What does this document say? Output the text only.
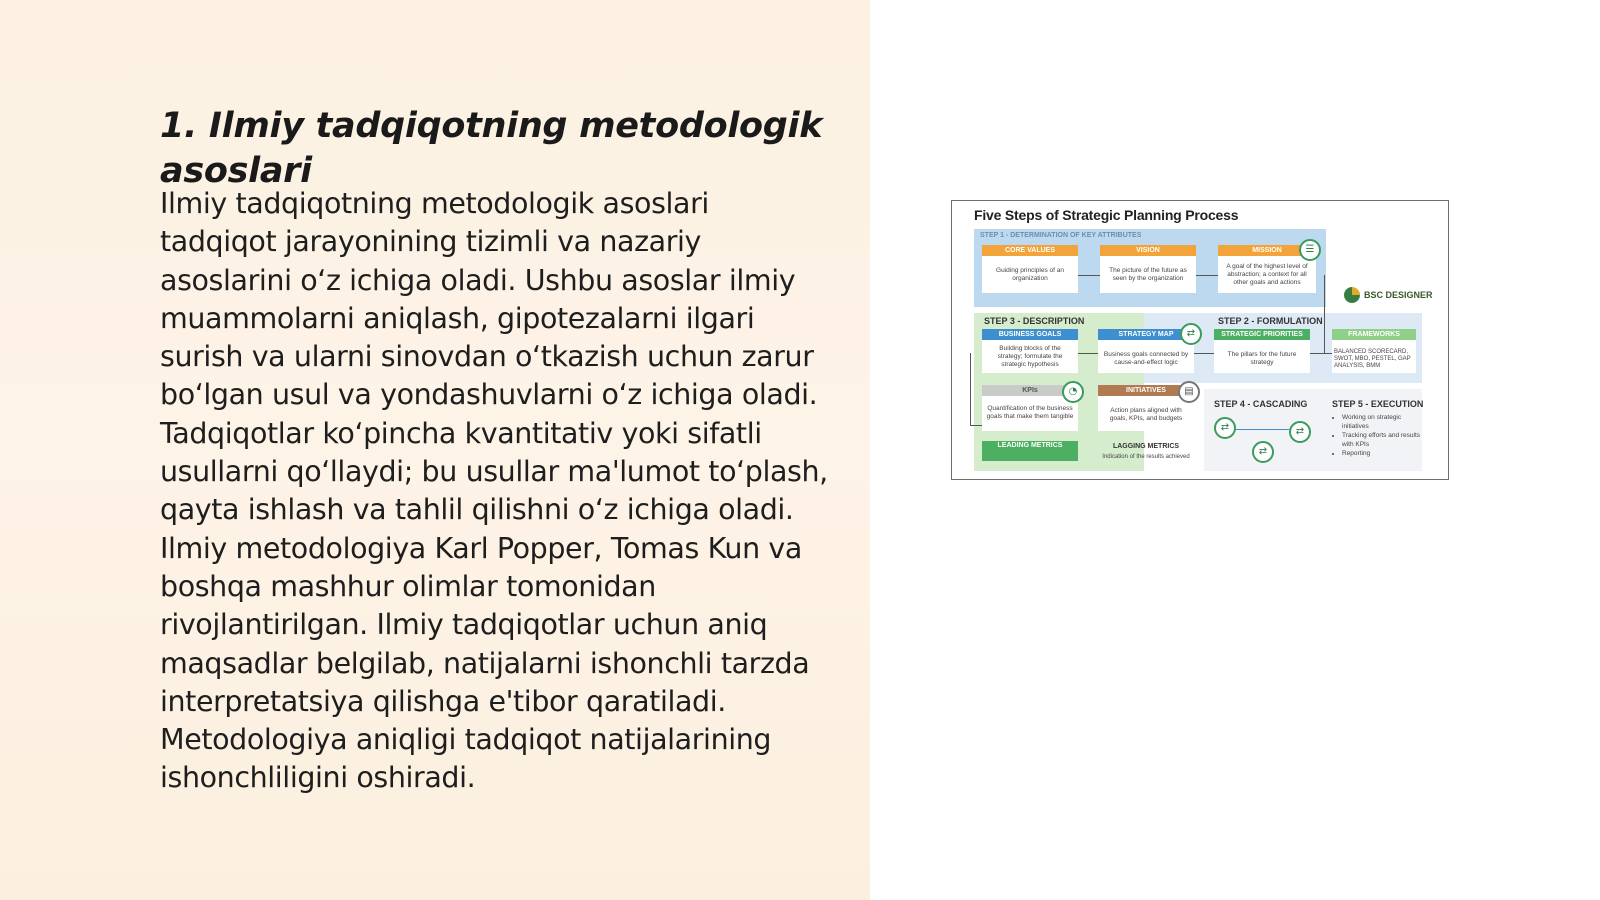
1. Ilmiy tadqiqotning metodologik asoslari

Ilmiy tadqiqotning metodologik asoslari tadqiqot jarayonining tizimli va nazariy asoslarini oʻz ichiga oladi. Ushbu asoslar ilmiy muammolarni aniqlash, gipotezalarni ilgari surish va ularni sinovdan oʻtkazish uchun zarur boʻlgan usul va yondashuvlarni oʻz ichiga oladi. Tadqiqotlar koʻpincha kvantitativ yoki sifatli usullarni qoʻllaydi; bu usullar ma'lumot toʻplash, qayta ishlash va tahlil qilishni oʻz ichiga oladi. Ilmiy metodologiya Karl Popper, Tomas Kun va boshqa mashhur olimlar tomonidan rivojlantirilgan. Ilmiy tadqiqotlar uchun aniq maqsadlar belgilab, natijalarni ishonchli tarzda interpretatsiya qilishga e'tibor qaratiladi. Metodologiya aniqligi tadqiqot natijalarining ishonchliligini oshiradi.

Five Steps of Strategic Planning Process
STEP 1 - DETERMINATION OF KEY ATTRIBUTES
CORE VALUES
Guiding principles of an organization
VISION
The picture of the future as seen by the organization
MISSION
A goal of the highest level of abstraction; a context for all other goals and actions
☰
BSC DESIGNER
STEP 3 - DESCRIPTION	STEP 2 - FORMULATION
BUSINESS GOALS
Building blocks of the strategy; formulate the strategic hypothesis
STRATEGY MAP
Business goals connected by cause-and-effect logic
⇄	STRATEGIC PRIORITIES
The pillars for the future strategy
FRAMEWORKS
BALANCED SCORECARD, SWOT, MBO, PESTEL, GAP ANALYSIS, BMM
KPIs
Quantification of the business goals that make them tangible
◔	INITIATIVES
Action plans aligned with goals, KPIs, and budgets
▤
LEADING METRICS	LAGGING METRICS
Indication of the results achieved
STEP 4 - CASCADING	STEP 5 - EXECUTION
⇄	⇄
⇄
• Working on strategic initiatives
• Tracking efforts and results with KPIs
• Reporting
